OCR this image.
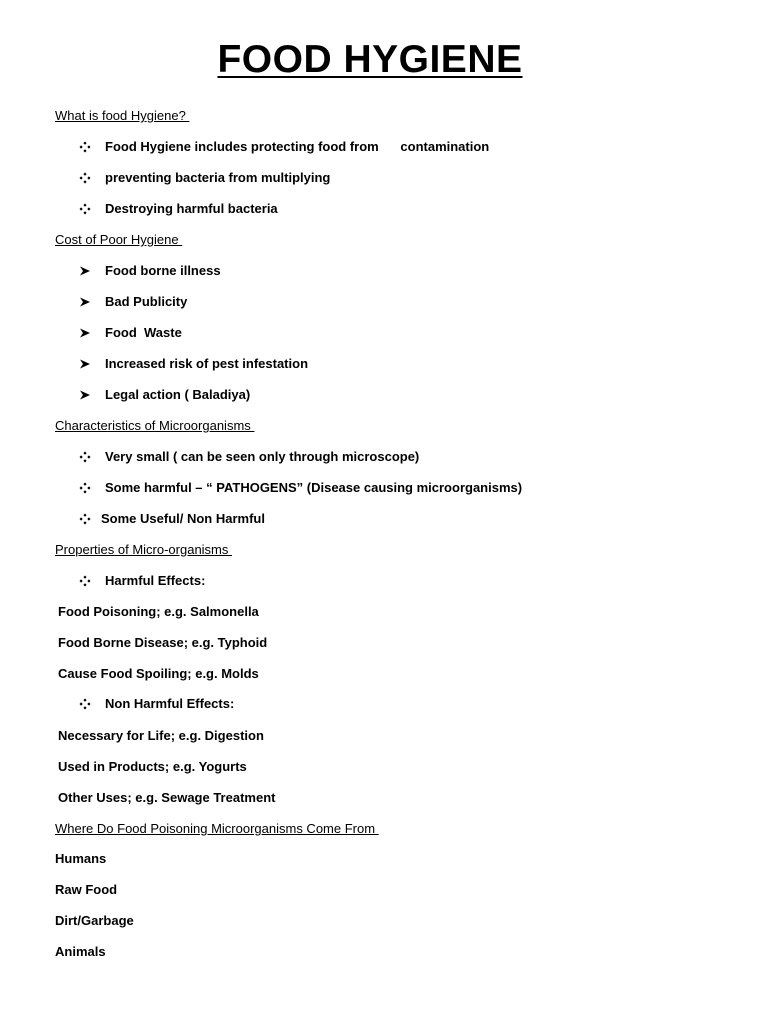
FOOD HYGIENE
What is food Hygiene?
Food Hygiene includes protecting food from      contamination
preventing bacteria from multiplying
Destroying harmful bacteria
Cost of Poor Hygiene
Food borne illness
Bad Publicity
Food  Waste
Increased risk of pest infestation
Legal action ( Baladiya)
Characteristics of Microorganisms
Very small ( can be seen only through microscope)
Some harmful – “ PATHOGENS” (Disease causing microorganisms)
Some Useful/ Non Harmful
Properties of Micro-organisms
Harmful Effects:
Food Poisoning; e.g. Salmonella
Food Borne Disease; e.g. Typhoid
Cause Food Spoiling; e.g. Molds
Non Harmful Effects:
Necessary for Life; e.g. Digestion
Used in Products; e.g. Yogurts
Other Uses; e.g. Sewage Treatment
Where Do Food Poisoning Microorganisms Come From
Humans
Raw Food
Dirt/Garbage
Animals
